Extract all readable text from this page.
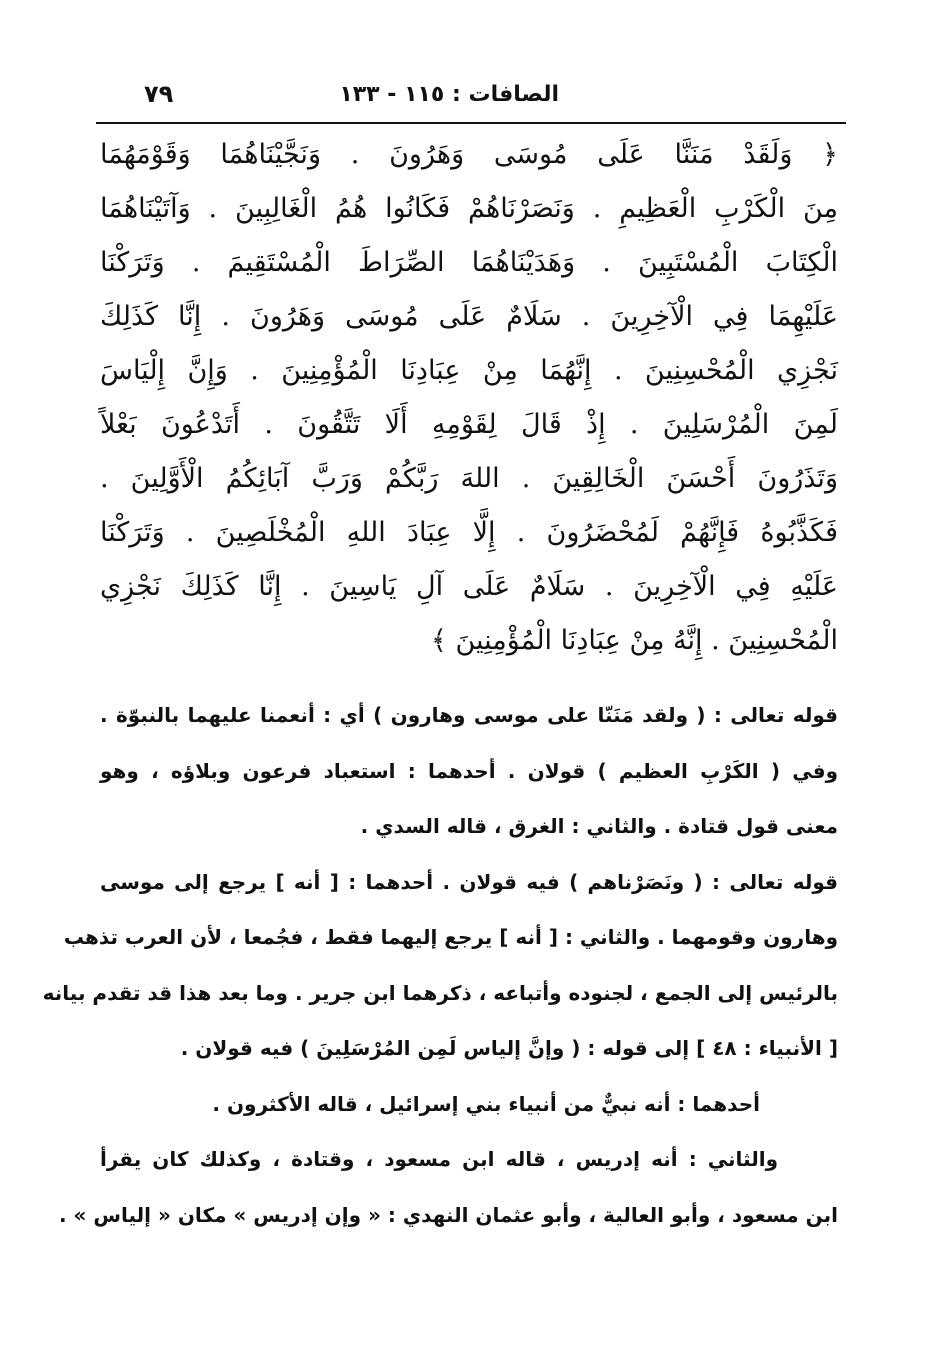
الصافات : ١١٥ - ١٣٣
٧٩
﴿ وَلَقَدْ مَنَنَّا عَلَى مُوسَى وَهَرُونَ . وَنَجَّيْنَاهُمَا وَقَوْمَهُمَا
مِنَ الْكَرْبِ الْعَظِيمِ . وَنَصَرْنَاهُمْ فَكَانُوا هُمُ الْغَالِبِينَ . وَآتَيْنَاهُمَا
الْكِتَابَ الْمُسْتَبِينَ . وَهَدَيْنَاهُمَا الصِّرَاطَ الْمُسْتَقِيمَ . وَتَرَكْنَا
عَلَيْهِمَا فِي الْآخِرِينَ . سَلَامٌ عَلَى مُوسَى وَهَرُونَ . إِنَّا كَذَلِكَ
نَجْزِي الْمُحْسِنِينَ . إِنَّهُمَا مِنْ عِبَادِنَا الْمُؤْمِنِينَ . وَإِنَّ إِلْيَاسَ
لَمِنَ الْمُرْسَلِينَ . إِذْ قَالَ لِقَوْمِهِ أَلَا تَتَّقُونَ . أَتَدْعُونَ بَعْلاً
وَتَذَرُونَ أَحْسَنَ الْخَالِقِينَ . اللهَ رَبَّكُمْ وَرَبَّ آبَائِكُمُ الْأَوَّلِينَ .
فَكَذَّبُوهُ فَإِنَّهُمْ لَمُحْضَرُونَ . إِلَّا عِبَادَ اللهِ الْمُخْلَصِينَ . وَتَرَكْنَا
عَلَيْهِ فِي الْآخِرِينَ . سَلَامٌ عَلَى آلِ يَاسِينَ . إِنَّا كَذَلِكَ نَجْزِي
الْمُحْسِنِينَ . إِنَّهُ مِنْ عِبَادِنَا الْمُؤْمِنِينَ ﴾
قوله تعالى : ( ولقد مَنَنّا على موسى وهارون ) أي : أنعمنا عليهما بالنبوّة .
وفي ( الكَرْبِ العظيم ) قولان . أحدهما : استعباد فرعون وبلاؤه ، وهو
معنى قول قتادة . والثاني : الغرق ، قاله السدي .
قوله تعالى : ( ونَصَرْناهم ) فيه قولان . أحدهما : [ أنه ] يرجع إلى موسى
وهارون وقومهما . والثاني : [ أنه ] يرجع إليهما فقط ، فجُمعا ، لأن العرب تذهب
بالرئيس إلى الجمع ، لجنوده وأتباعه ، ذكرهما ابن جرير . وما بعد هذا قد تقدم بيانه
[ الأنبياء : ٤٨ ] إلى قوله : ( وإنَّ إلياس لَمِن المُرْسَلِينَ ) فيه قولان .
أحدهما : أنه نبيٌّ من أنبياء بني إسرائيل ، قاله الأكثرون .
والثاني : أنه إدريس ، قاله ابن مسعود ، وقتادة ، وكذلك كان يقرأ
ابن مسعود ، وأبو العالية ، وأبو عثمان النهدي : « وإن إدريس » مكان « إلياس » .
